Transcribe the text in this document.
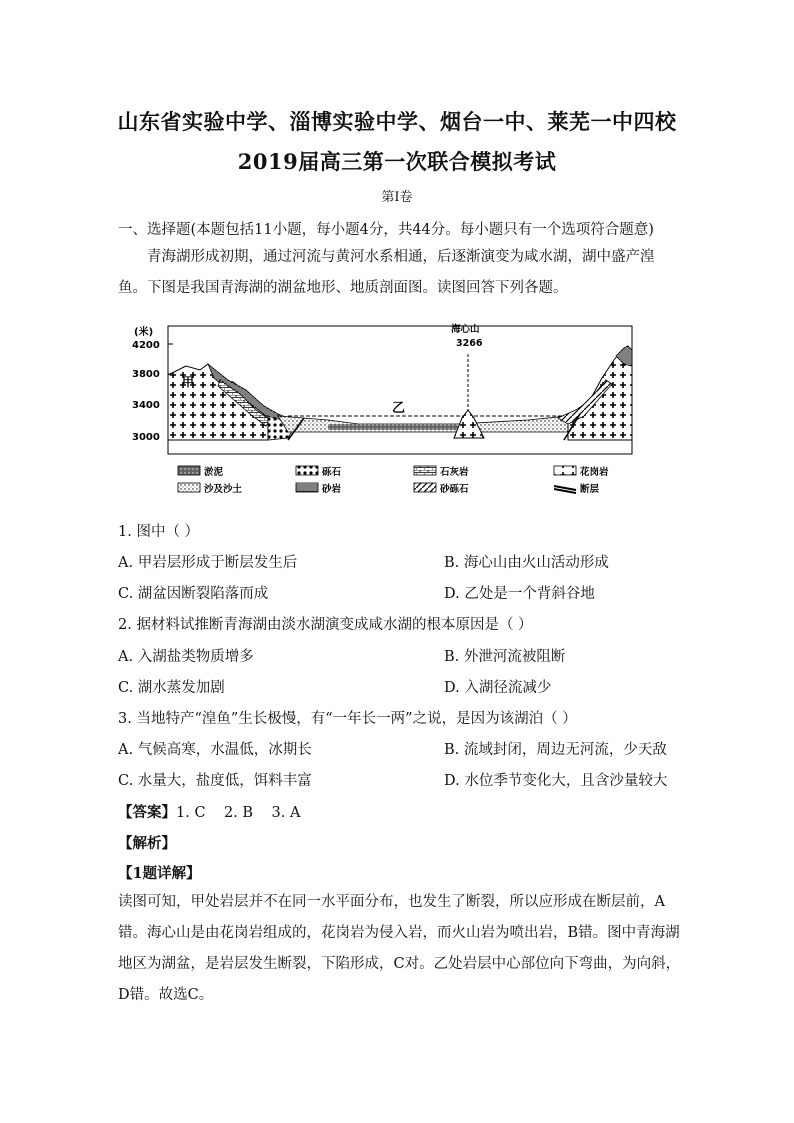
山东省实验中学、淄博实验中学、烟台一中、莱芜一中四校
2019届高三第一次联合模拟考试
第I卷
一、选择题(本题包括11小题，每小题4分，共44分。每小题只有一个选项符合题意)
青海湖形成初期，通过河流与黄河水系相通，后逐渐演变为咸水湖，湖中盛产湟鱼。下图是我国青海湖的湖盆地形、地质剖面图。读图回答下列各题。
(米)
4200
3800
3400
3000
海心山
3266
甲
乙
淤泥	砾石	石灰岩	花岗岩
沙及沙土	砂岩	砂砾石	断层
1. 图中（ ）
A. 甲岩层形成于断层发生后	B. 海心山由火山活动形成
C. 湖盆因断裂陷落而成	D. 乙处是一个背斜谷地
2. 据材料试推断青海湖由淡水湖演变成咸水湖的根本原因是（ ）
A. 入湖盐类物质增多	B. 外泄河流被阻断
C. 湖水蒸发加剧	D. 入湖径流减少
3. 当地特产“湟鱼”生长极慢，有“一年长一两”之说，是因为该湖泊（ ）
A. 气候高寒，水温低，冰期长	B. 流域封闭，周边无河流，少天敌
C. 水量大，盐度低，饵料丰富	D. 水位季节变化大，且含沙量较大
【答案】1. C    2. B    3. A
【解析】
【1题详解】
读图可知，甲处岩层并不在同一水平面分布，也发生了断裂，所以应形成在断层前，A错。海心山是由花岗岩组成的，花岗岩为侵入岩，而火山岩为喷出岩，B错。图中青海湖地区为湖盆，是岩层发生断裂，下陷形成，C对。乙处岩层中心部位向下弯曲，为向斜，D错。故选C。
